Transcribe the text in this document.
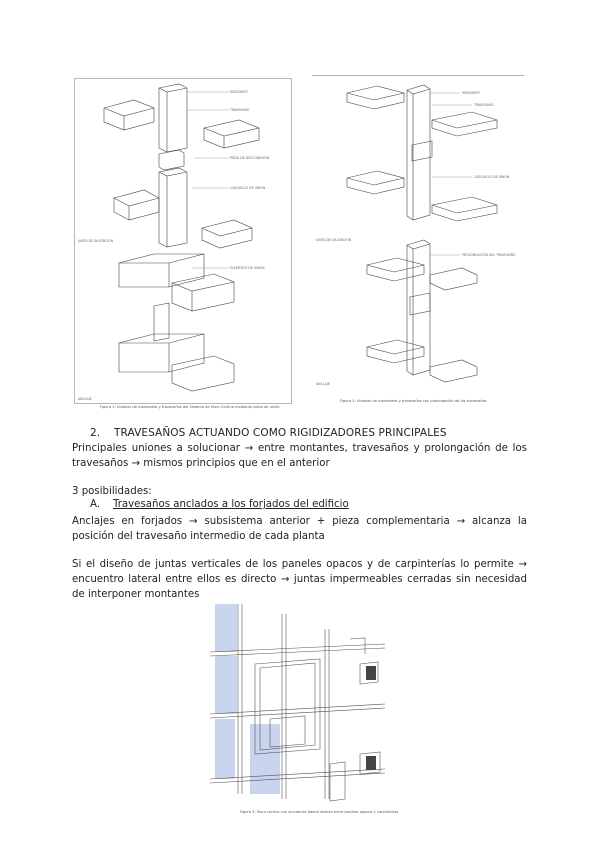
MONTANTE
TRAVESAÑO
PIEZA DE DESCONEXIÓN
CASQUILLO DE UNIÓN
ELEMENTO DE UNIÓN
JUNTA DE DILATACIÓN
ANCLAJE
Figura 1: Uniones de montantes y travesaños del Sistema de Muro Cortina mediante pieza de unión
MONTANTE
TRAVESAÑO
CASQUILLO DE UNIÓN
PROLONGACIÓN DEL TRAVESAÑO
JUNTA DE DILATACIÓN
ANCLAJE
Figura 2: Uniones de montantes y travesaños con prolongación de los travesaños
2. TRAVESAÑOS ACTUANDO COMO RIGIDIZADORES PRINCIPALES
Principales uniones a solucionar → entre montantes, travesaños y prolongación de los travesaños → mismos principios que en el anterior
3 posibilidades:
A. Travesaños anclados a los forjados del edificio
Anclajes en forjados → subsistema anterior + pieza complementaria → alcanza la posición del travesaño intermedio de cada planta
Si el diseño de juntas verticales de los paneles opacos y de carpinterías lo permite → encuentro lateral entre ellos es directo → juntas impermeables cerradas sin necesidad de interponer montantes
Figura 3: Muro cortina con encuentro lateral directo entre paneles opacos y carpinterías
